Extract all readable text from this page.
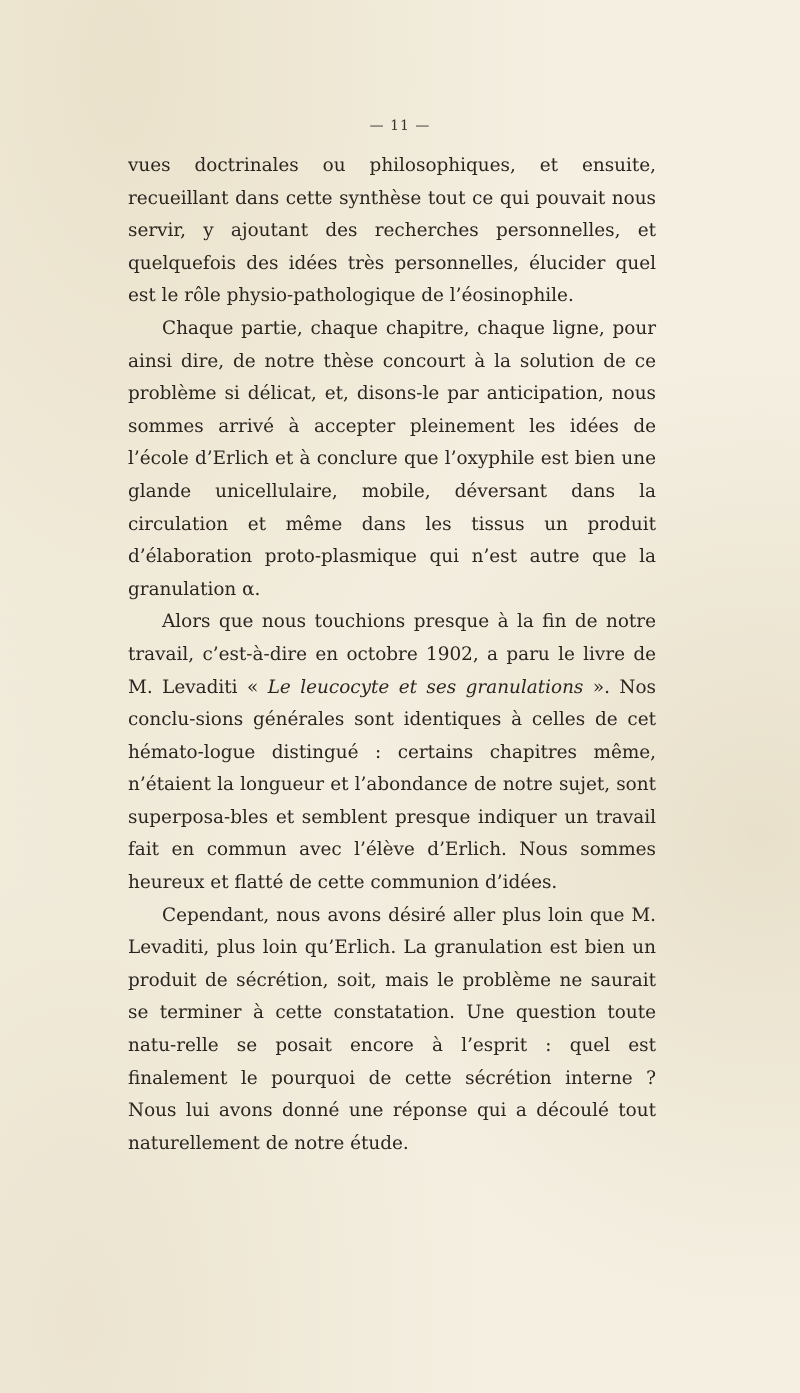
— 11 —

vues doctrinales ou philosophiques, et ensuite, recueillant dans cette synthèse tout ce qui pouvait nous servir, y ajoutant des recherches personnelles, et quelquefois des idées très personnelles, élucider quel est le rôle physio-pathologique de l’éosinophile.

Chaque partie, chaque chapitre, chaque ligne, pour ainsi dire, de notre thèse concourt à la solution de ce problème si délicat, et, disons-le par anticipation, nous sommes arrivé à accepter pleinement les idées de l’école d’Erlich et à conclure que l’oxyphile est bien une glande unicellulaire, mobile, déversant dans la circulation et même dans les tissus un produit d’élaboration proto-plasmique qui n’est autre que la granulation α.

Alors que nous touchions presque à la fin de notre travail, c’est-à-dire en octobre 1902, a paru le livre de M. Levaditi « Le leucocyte et ses granulations ». Nos conclu-sions générales sont identiques à celles de cet hémato-logue distingué : certains chapitres même, n’étaient la longueur et l’abondance de notre sujet, sont superposa-bles et semblent presque indiquer un travail fait en commun avec l’élève d’Erlich. Nous sommes heureux et flatté de cette communion d’idées.

Cependant, nous avons désiré aller plus loin que M. Levaditi, plus loin qu’Erlich. La granulation est bien un produit de sécrétion, soit, mais le problème ne saurait se terminer à cette constatation. Une question toute natu-relle se posait encore à l’esprit : quel est finalement le pourquoi de cette sécrétion interne ? Nous lui avons donné une réponse qui a découlé tout naturellement de notre étude.
